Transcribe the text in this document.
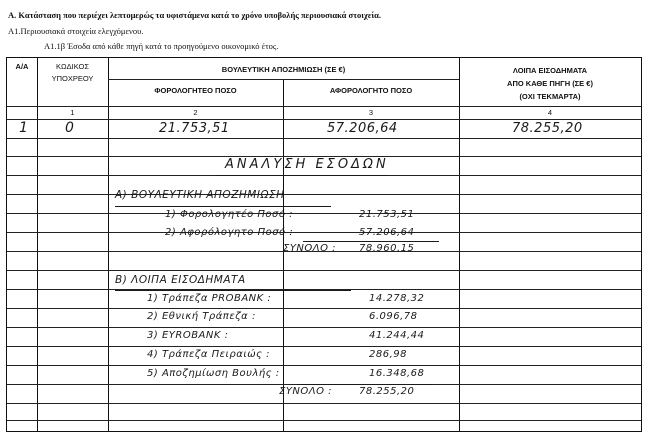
Α. Κατάσταση που περιέχει λεπτομερώς τα υφιστάμενα κατά το χρόνο υποβολής περιουσιακά στοιχεία.
Α1.Περιουσιακά στοιχεία ελεγχόμενου.
Α1.1β Έσοδα από κάθε πηγή κατά το προηγούμενο οικονομικό έτος.
Α/Α	ΚΩΔΙΚΟΣ
ΥΠΟΧΡΕΟΥ
ΒΟΥΛΕΥΤΙΚΗ ΑΠΟΖΗΜΙΩΣΗ (ΣΕ €)
ΦΟΡΟΛΟΓΗΤΕΟ ΠΟΣΟ	ΑΦΟΡΟΛΟΓΗΤΟ ΠΟΣΟ
ΛΟΙΠΑ ΕΙΣΟΔΗΜΑΤΑ
ΑΠΟ ΚΑΘΕ ΠΗΓΗ (ΣΕ €)
(ΟΧΙ ΤΕΚΜΑΡΤΑ)
1	2	3	4
1	0	21.753,51	57.206,64	78.255,20
ΑΝΑΛΥΣΗ ΕΣΟΔΩΝ
Α) ΒΟΥΛΕΥΤΙΚΗ ΑΠΟΖΗΜΙΩΣΗ
1) Φορολογητέο Ποσό :	21.753,51
2) Αφορόλογητο Ποσό :	57.206,64
ΣΥΝΟΛΟ : 78.960,15
Β) ΛΟΙΠΑ ΕΙΣΟΔΗΜΑΤΑ
1) Τράπεζα PROBANK :	14.278,32
2) Εθνική Τράπεζα :	6.096,78
3) EYROBANK :	41.244,44
4) Τράπεζα Πειραιώς :	286,98
5) Αποζημίωση Βουλής :	16.348,68
ΣΥΝΟΛΟ :	78.255,20
